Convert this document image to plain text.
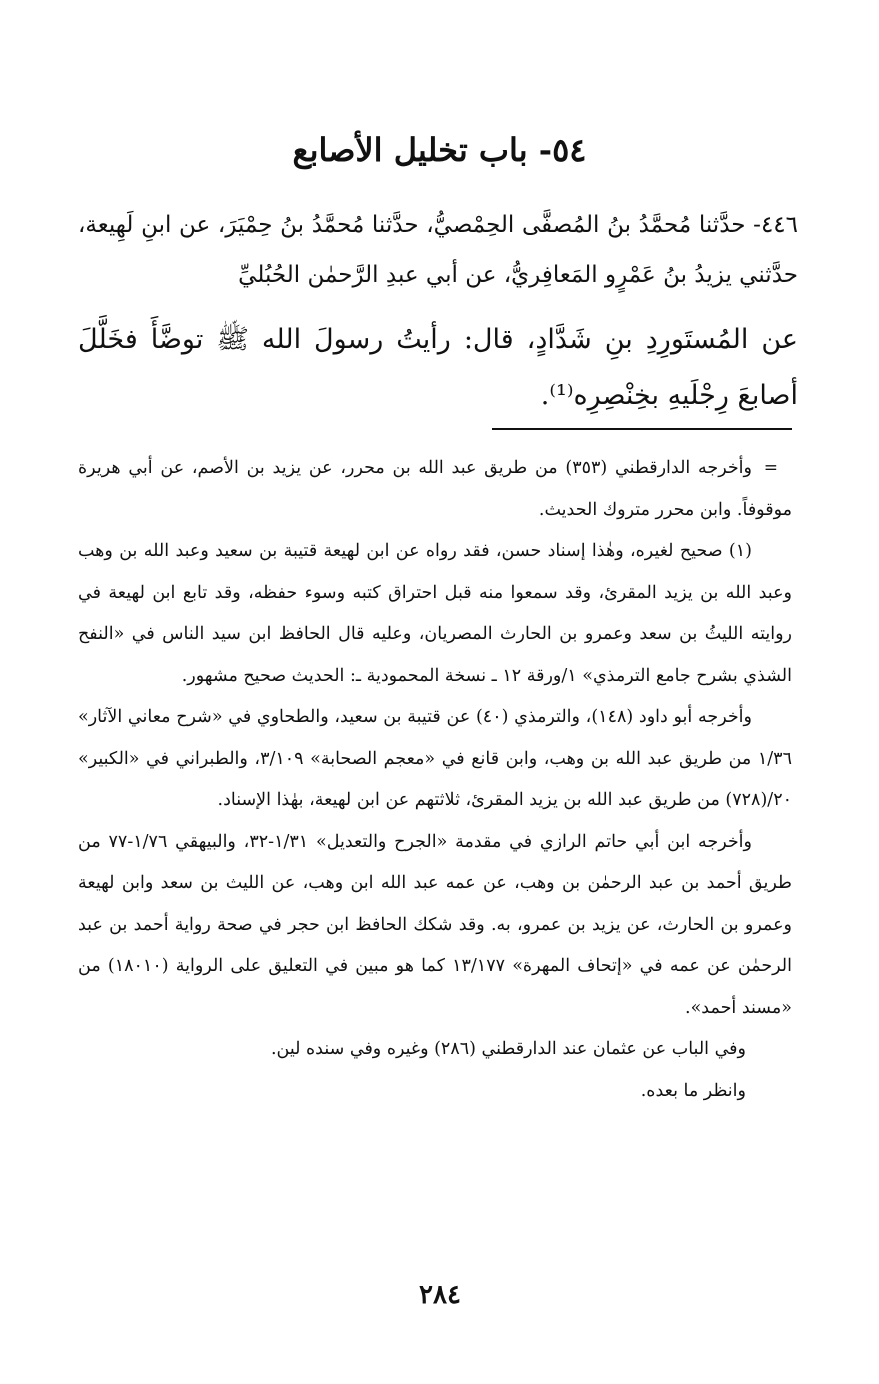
٥٤- باب تخليل الأصابع

٤٤٦- حدَّثنا مُحمَّدُ بنُ المُصفَّى الحِمْصيُّ، حدَّثنا مُحمَّدُ بنُ حِمْيَرَ، عن ابنِ لَهِيعة، حدَّثني يزيدُ بنُ عَمْرٍو المَعافِريُّ، عن أبي عبدِ الرَّحمٰن الحُبُليِّ

عن المُستَورِدِ بنِ شَدَّادٍ، قال: رأيتُ رسولَ الله ﷺ توضَّأَ فخَلَّلَ أصابعَ رِجْلَيهِ بخِنْصِرِه⁽¹⁾.

=
وأخرجه الدارقطني (٣٥٣) من طريق عبد الله بن محرر، عن يزيد بن الأصم، عن أبي هريرة موقوفاً. وابن محرر متروك الحديث.

(١) صحيح لغيره، وهٰذا إسناد حسن، فقد رواه عن ابن لهيعة قتيبة بن سعيد وعبد الله بن وهب وعبد الله بن يزيد المقرئ، وقد سمعوا منه قبل احتراق كتبه وسوء حفظه، وقد تابع ابن لهيعة في روايته الليثُ بن سعد وعمرو بن الحارث المصريان، وعليه قال الحافظ ابن سيد الناس في «النفح الشذي بشرح جامع الترمذي» ١/ورقة ١٢ ـ نسخة المحمودية ـ: الحديث صحيح مشهور.

وأخرجه أبو داود (١٤٨)، والترمذي (٤٠) عن قتيبة بن سعيد، والطحاوي في «شرح معاني الآثار» ١/٣٦ من طريق عبد الله بن وهب، وابن قانع في «معجم الصحابة» ٣/١٠٩، والطبراني في «الكبير» ٢٠/(٧٢٨) من طريق عبد الله بن يزيد المقرئ، ثلاثتهم عن ابن لهيعة، بهٰذا الإسناد.

وأخرجه ابن أبي حاتم الرازي في مقدمة «الجرح والتعديل» ١/٣١-٣٢، والبيهقي ١/٧٦-٧٧ من طريق أحمد بن عبد الرحمٰن بن وهب، عن عمه عبد الله ابن وهب، عن الليث بن سعد وابن لهيعة وعمرو بن الحارث، عن يزيد بن عمرو، به. وقد شكك الحافظ ابن حجر في صحة رواية أحمد بن عبد الرحمٰن عن عمه في «إتحاف المهرة» ١٣/١٧٧ كما هو مبين في التعليق على الرواية (١٨٠١٠) من «مسند أحمد».

وفي الباب عن عثمان عند الدارقطني (٢٨٦) وغيره وفي سنده لين.

وانظر ما بعده.

٢٨٤
